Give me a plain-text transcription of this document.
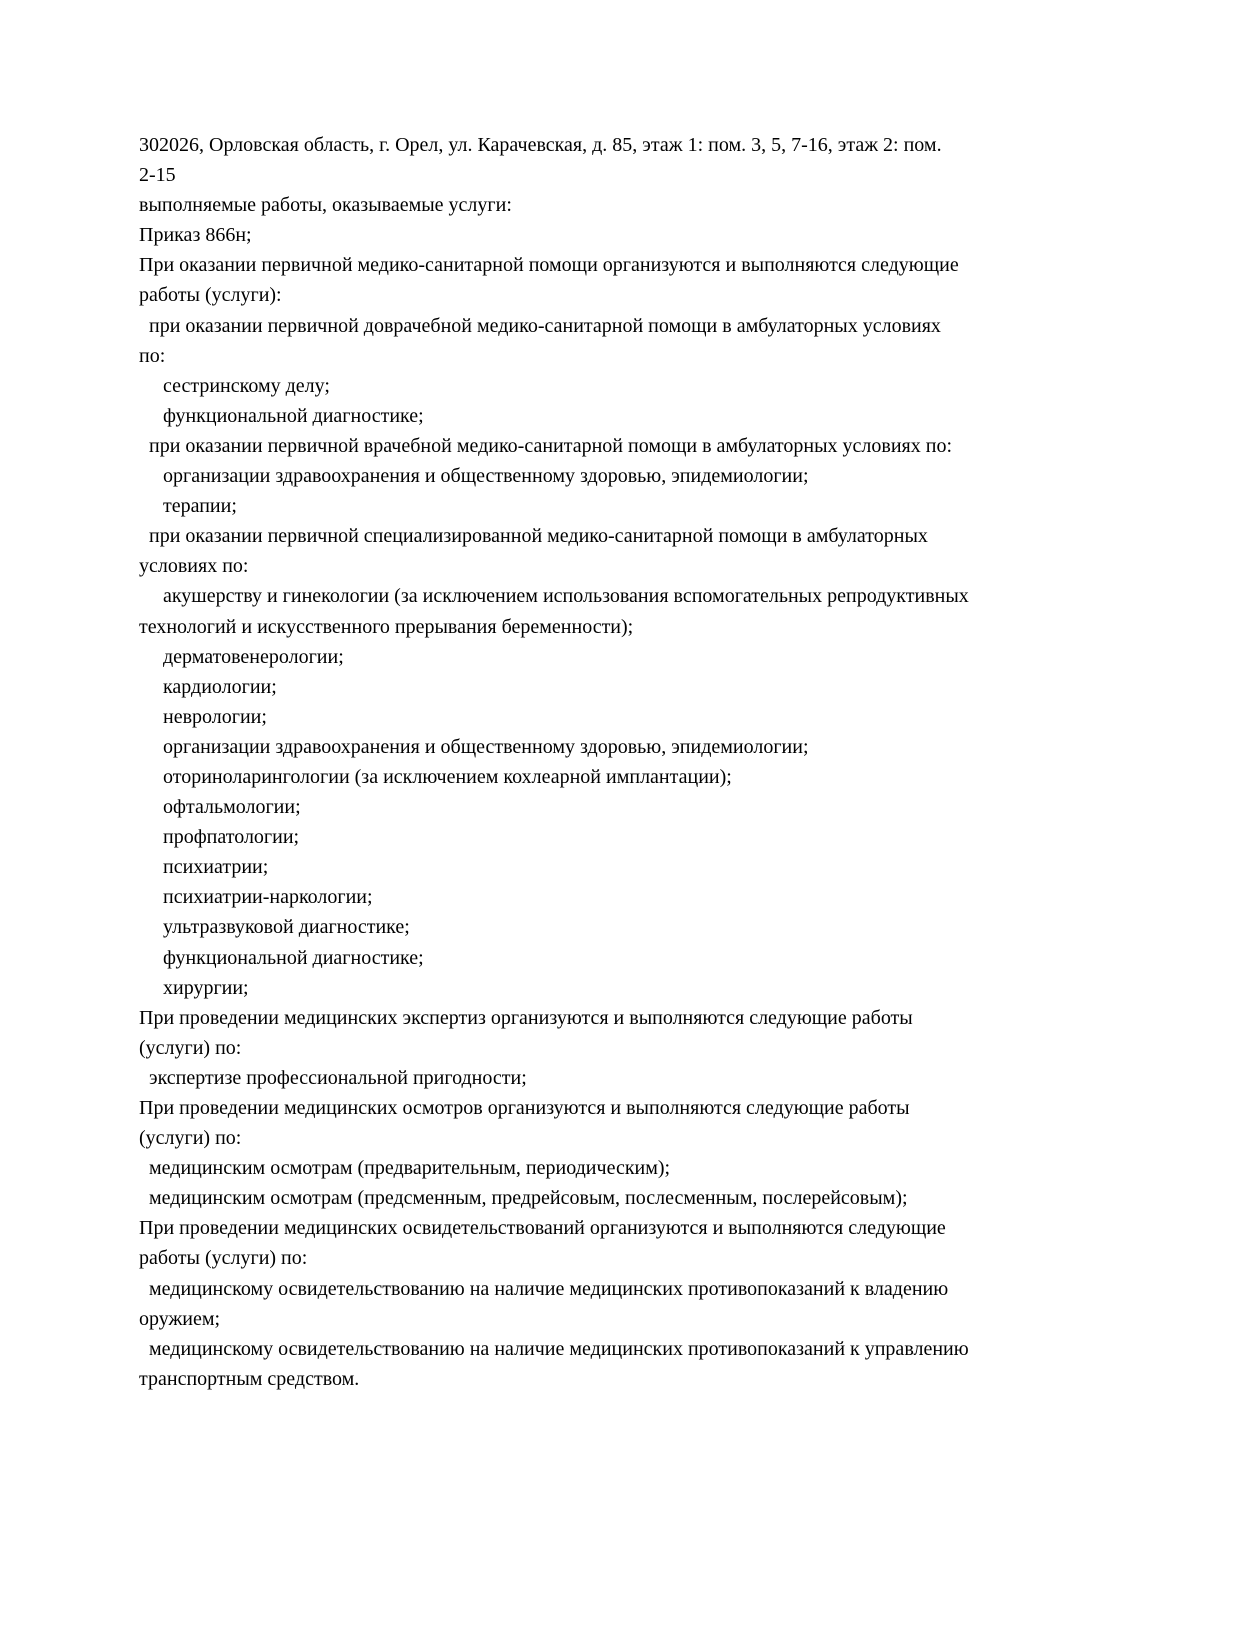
302026, Орловская область, г. Орел, ул. Карачевская, д. 85, этаж 1: пом. 3, 5, 7-16, этаж 2: пом.
2-15
выполняемые работы, оказываемые услуги:
Приказ 866н;
При оказании первичной медико-санитарной помощи организуются и выполняются следующие
работы (услуги):
при оказании первичной доврачебной медико-санитарной помощи в амбулаторных условиях
по:
сестринскому делу;
функциональной диагностике;
при оказании первичной врачебной медико-санитарной помощи в амбулаторных условиях по:
организации здравоохранения и общественному здоровью, эпидемиологии;
терапии;
при оказании первичной специализированной медико-санитарной помощи в амбулаторных
условиях по:
акушерству и гинекологии (за исключением использования вспомогательных репродуктивных
технологий и искусственного прерывания беременности);
дерматовенерологии;
кардиологии;
неврологии;
организации здравоохранения и общественному здоровью, эпидемиологии;
оториноларингологии (за исключением кохлеарной имплантации);
офтальмологии;
профпатологии;
психиатрии;
психиатрии-наркологии;
ультразвуковой диагностике;
функциональной диагностике;
хирургии;
При проведении медицинских экспертиз организуются и выполняются следующие работы
(услуги) по:
экспертизе профессиональной пригодности;
При проведении медицинских осмотров организуются и выполняются следующие работы
(услуги) по:
медицинским осмотрам (предварительным, периодическим);
медицинским осмотрам (предсменным, предрейсовым, послесменным, послерейсовым);
При проведении медицинских освидетельствований организуются и выполняются следующие
работы (услуги) по:
медицинскому освидетельствованию на наличие медицинских противопоказаний к владению
оружием;
медицинскому освидетельствованию на наличие медицинских противопоказаний к управлению
транспортным средством.
